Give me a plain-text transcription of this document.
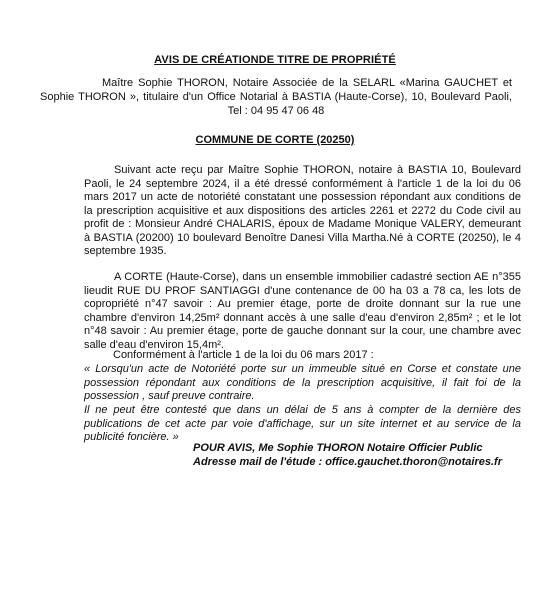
AVIS DE CRÉATIONDE TITRE DE PROPRIÉTÉ
Maître Sophie THORON, Notaire Associée de la SELARL «Marina GAUCHET et
Sophie THORON », titulaire d'un Office Notarial à BASTIA (Haute-Corse), 10, Boulevard Paoli,
Tel : 04 95 47 06 48
COMMUNE DE CORTE (20250)
Suivant acte reçu par Maître Sophie THORON, notaire à BASTIA 10, Boulevard Paoli, le 24 septembre 2024, il a été dressé conformément à l'article 1 de la loi du 06 mars 2017 un acte de notoriété constatant une possession répondant aux conditions de la prescription acquisitive et aux dispositions des articles 2261 et 2272 du Code civil au profit de : Monsieur André CHALARIS, époux de Madame Monique VALERY, demeurant à BASTIA (20200) 10 boulevard Benoître Danesi Villa Martha.Né à CORTE (20250), le 4 septembre 1935.
A CORTE (Haute-Corse), dans un ensemble immobilier cadastré section AE n°355 lieudit RUE DU PROF SANTIAGGI d'une contenance de 00 ha 03 a 78 ca, les lots de copropriété n°47 savoir : Au premier étage, porte de droite donnant sur la rue une chambre d'environ 14,25m² donnant accès à une salle d'eau d'environ 2,85m² ; et le lot n°48 savoir : Au premier étage, porte de gauche donnant sur la cour, une chambre avec salle d'eau d'environ 15,4m².
Conformément à l'article 1 de la loi du 06 mars 2017 :
« Lorsqu'un acte de Notoriété porte sur un immeuble situé en Corse et constate une possession répondant aux conditions de la prescription acquisitive, il fait foi de la possession , sauf preuve contraire.
Il ne peut être contesté que dans un délai de 5 ans à compter de la dernière des publications de cet acte par voie d'affichage, sur un site internet et au service de la publicité foncière. »
POUR AVIS, Me Sophie THORON Notaire Officier Public
Adresse mail de l'étude : office.gauchet.thoron@notaires.fr
